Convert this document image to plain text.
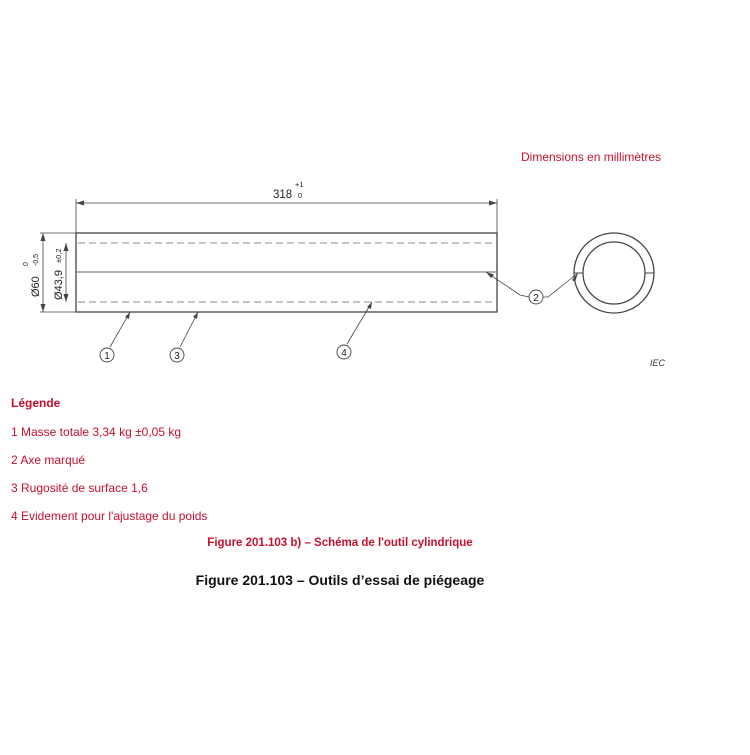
318
+1
0
Ø60
0 -0,5
Ø43,9
±0,2
1	3	4
2
Dimensions en millimètres
IEC
Légende
1 Masse totale 3,34 kg ±0,05 kg
2 Axe marqué
3 Rugosité de surface 1,6
4 Evidement pour l'ajustage du poids
Figure 201.103 b) – Schéma de l'outil cylindrique
Figure 201.103 – Outils d’essai de piégeage
